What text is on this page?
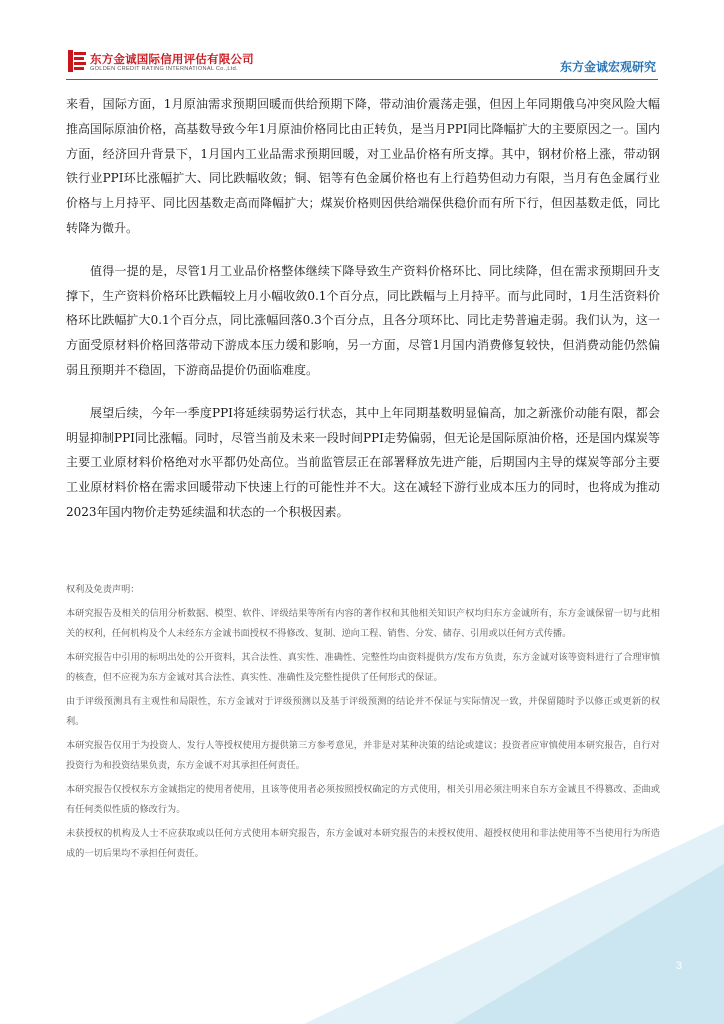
东方金诚国际信用评估有限公司
GOLDEN CREDIT RATING INTERNATIONAL Co.,Ltd.	东方金诚宏观研究

来看，国际方面，1月原油需求预期回暖而供给预期下降，带动油价震荡走强，但因上年同期俄乌冲突风险大幅推高国际原油价格，高基数导致今年1月原油价格同比由正转负，是当月PPI同比降幅扩大的主要原因之一。国内方面，经济回升背景下，1月国内工业品需求预期回暖，对工业品价格有所支撑。其中，钢材价格上涨，带动钢铁行业PPI环比涨幅扩大、同比跌幅收敛；铜、铝等有色金属价格也有上行趋势但动力有限，当月有色金属行业价格与上月持平、同比因基数走高而降幅扩大；煤炭价格则因供给端保供稳价而有所下行，但因基数走低，同比转降为微升。

值得一提的是，尽管1月工业品价格整体继续下降导致生产资料价格环比、同比续降，但在需求预期回升支撑下，生产资料价格环比跌幅较上月小幅收敛0.1个百分点，同比跌幅与上月持平。而与此同时，1月生活资料价格环比跌幅扩大0.1个百分点，同比涨幅回落0.3个百分点，且各分项环比、同比走势普遍走弱。我们认为，这一方面受原材料价格回落带动下游成本压力缓和影响，另一方面，尽管1月国内消费修复较快，但消费动能仍然偏弱且预期并不稳固，下游商品提价仍面临难度。

展望后续，今年一季度PPI将延续弱势运行状态，其中上年同期基数明显偏高，加之新涨价动能有限，都会明显抑制PPI同比涨幅。同时，尽管当前及未来一段时间PPI走势偏弱，但无论是国际原油价格，还是国内煤炭等主要工业原材料价格绝对水平都仍处高位。当前监管层正在部署释放先进产能，后期国内主导的煤炭等部分主要工业原材料价格在需求回暖带动下快速上行的可能性并不大。这在减轻下游行业成本压力的同时，也将成为推动2023年国内物价走势延续温和状态的一个积极因素。

权利及免责声明：

本研究报告及相关的信用分析数据、模型、软件、评级结果等所有内容的著作权和其他相关知识产权均归东方金诚所有，东方金诚保留一切与此相关的权利，任何机构及个人未经东方金诚书面授权不得修改、复制、逆向工程、销售、分发、储存、引用或以任何方式传播。

本研究报告中引用的标明出处的公开资料，其合法性、真实性、准确性、完整性均由资料提供方/发布方负责，东方金诚对该等资料进行了合理审慎的核查，但不应视为东方金诚对其合法性、真实性、准确性及完整性提供了任何形式的保证。

由于评级预测具有主观性和局限性，东方金诚对于评级预测以及基于评级预测的结论并不保证与实际情况一致，并保留随时予以修正或更新的权利。

本研究报告仅用于为投资人、发行人等授权使用方提供第三方参考意见，并非是对某种决策的结论或建议；投资者应审慎使用本研究报告，自行对投资行为和投资结果负责，东方金诚不对其承担任何责任。

本研究报告仅授权东方金诚指定的使用者使用，且该等使用者必须按照授权确定的方式使用，相关引用必须注明来自东方金诚且不得篡改、歪曲或有任何类似性质的修改行为。

未获授权的机构及人士不应获取或以任何方式使用本研究报告，东方金诚对本研究报告的未授权使用、超授权使用和非法使用等不当使用行为所造成的一切后果均不承担任何责任。

3
